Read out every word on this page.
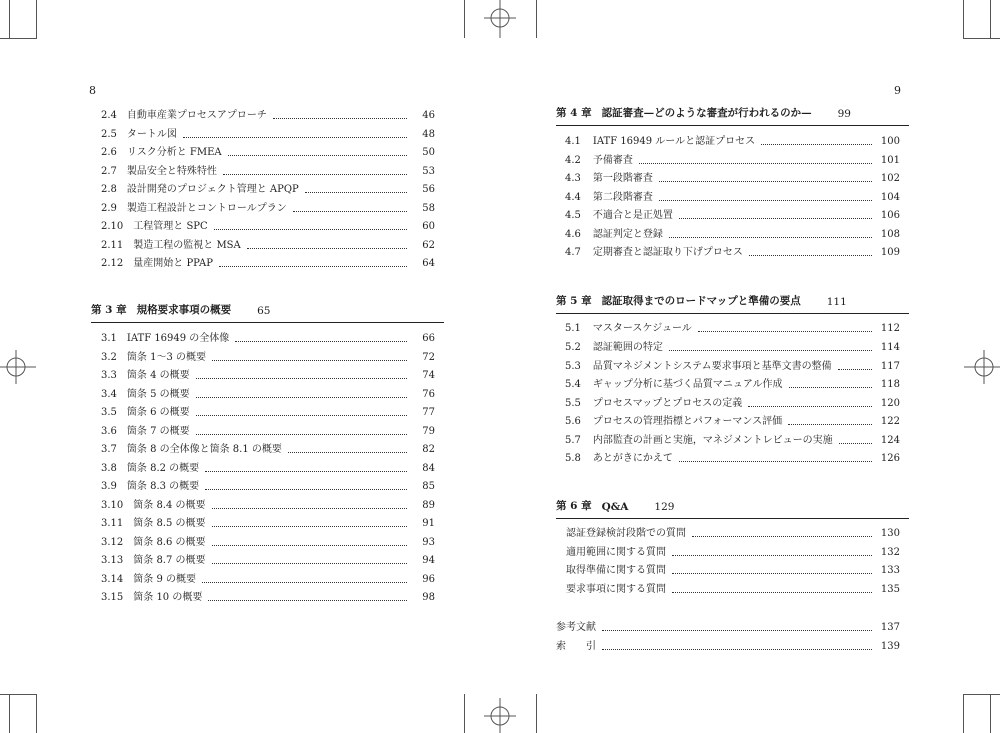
8
2.4 自動車産業プロセスアプローチ	46
2.5 タートル図	48
2.6 リスク分析と FMEA	50
2.7 製品安全と特殊特性	53
2.8 設計開発のプロジェクト管理と APQP	56
2.9 製造工程設計とコントロールプラン	58
2.10 工程管理と SPC	60
2.11 製造工程の監視と MSA	62
2.12 量産開始と PPAP	64
第 3 章 規格要求事項の概要 65
3.1 IATF 16949 の全体像	66
3.2 箇条 1～3 の概要	72
3.3 箇条 4 の概要	74
3.4 箇条 5 の概要	76
3.5 箇条 6 の概要	77
3.6 箇条 7 の概要	79
3.7 箇条 8 の全体像と箇条 8.1 の概要	82
3.8 箇条 8.2 の概要	84
3.9 箇条 8.3 の概要	85
3.10 箇条 8.4 の概要	89
3.11 箇条 8.5 の概要	91
3.12 箇条 8.6 の概要	93
3.13 箇条 8.7 の概要	94
3.14 箇条 9 の概要	96
3.15 箇条 10 の概要	98
9
第 4 章 認証審査—どのような審査が行われるのか— 99
4.1 IATF 16949 ルールと認証プロセス	100
4.2 予備審査	101
4.3 第一段階審査	102
4.4 第二段階審査	104
4.5 不適合と是正処置	106
4.6 認証判定と登録	108
4.7 定期審査と認証取り下げプロセス	109
第 5 章 認証取得までのロードマップと準備の要点 111
5.1 マスタースケジュール	112
5.2 認証範囲の特定	114
5.3 品質マネジメントシステム要求事項と基準文書の整備	117
5.4 ギャップ分析に基づく品質マニュアル作成	118
5.5 プロセスマップとプロセスの定義	120
5.6 プロセスの管理指標とパフォーマンス評価	122
5.7 内部監査の計画と実施，マネジメントレビューの実施	124
5.8 あとがきにかえて	126
第 6 章 Q&A 129
認証登録検討段階での質問	130
適用範囲に関する質問	132
取得準備に関する質問	133
要求事項に関する質問	135
参考文献	137
索　　引	139
